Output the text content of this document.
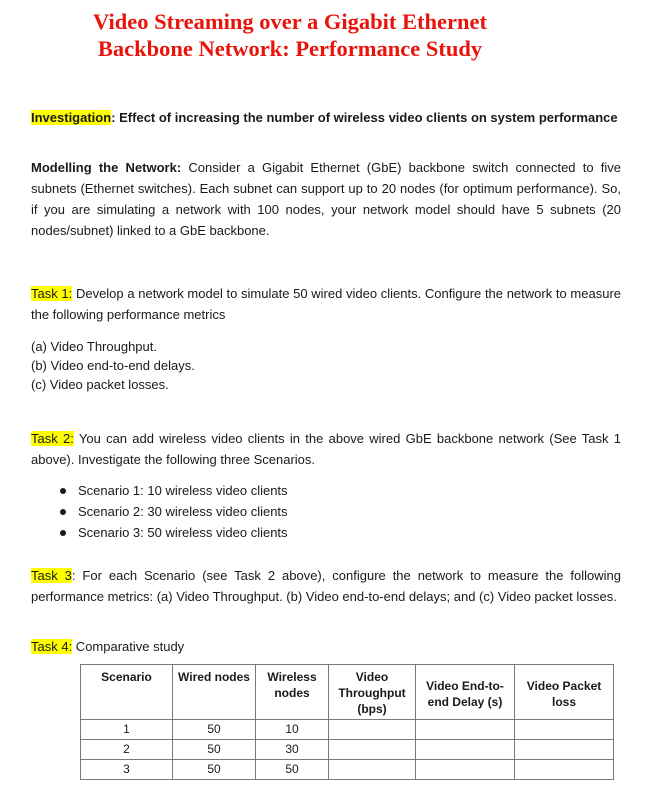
Video Streaming over a Gigabit Ethernet
Backbone Network: Performance Study
Investigation: Effect of increasing the number of wireless video clients on system performance
Modelling the Network: Consider a Gigabit Ethernet (GbE) backbone switch connected to five subnets (Ethernet switches). Each subnet can support up to 20 nodes (for optimum performance). So, if you are simulating a network with 100 nodes, your network model should have 5 subnets (20 nodes/subnet) linked to a GbE backbone.
Task 1: Develop a network model to simulate 50 wired video clients. Configure the network to measure the following performance metrics
(a) Video Throughput.
(b) Video end-to-end delays.
(c) Video packet losses.
Task 2: You can add wireless video clients in the above wired GbE backbone network (See Task 1 above). Investigate the following three Scenarios.
Scenario 1: 10 wireless video clients
Scenario 2: 30 wireless video clients
Scenario 3: 50 wireless video clients
Task 3: For each Scenario (see Task 2 above), configure the network to measure the following performance metrics: (a) Video Throughput. (b) Video end-to-end delays; and (c) Video packet losses.
Task 4: Comparative study
Scenario	Wired nodes	Wireless nodes	Video Throughput (bps)	Video End-to-end Delay (s)	Video Packet loss
1	50	10			
2	50	30			
3	50	50			
